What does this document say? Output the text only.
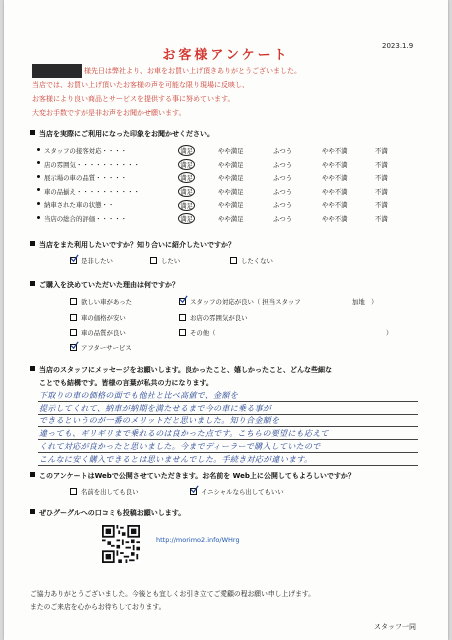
お客様アンケート
2023.1.9
様先日は弊社より、お車をお買い上げ頂きありがとうございました。
当店では、お買い上げ頂いたお客様の声を可能な限り現場に反映し、
お客様により良い商品とサービスを提供する事に努めています。
大変お手数ですが是非お声をお聞かせ願います。
当店を実際にご利用になった印象をお聞かせください。
スタッフの接客対応・・・・	満足	やや満足	ふつう	やや不満	不満
店の雰囲気・・・・・・・・・・	満足	やや満足	ふつう	やや不満	不満
展示場の車の品質・・・・・	満足	やや満足	ふつう	やや不満	不満
車の品揃え・・・・・・・・・・	満足	やや満足	ふつう	やや不満	不満
納車された車の状態・・	満足	やや満足	ふつう	やや不満	不満
当店の総合的評価・・・・・	満足	やや満足	ふつう	やや不満	不満
当店をまた利用したいですか？知り合いに紹介したいですか？
是非したい	したい	したくない
ご購入を決めていただいた理由は何ですか？
欲しい車があった	スタッフの対応が良い（ 担当スタッフ	加地　）
車の価格が安い	お店の雰囲気が良い
車の品質が良い	その他（	）
アフターサービス
当店のスタッフにメッセージをお願いします。良かったこと、嬉しかったこと、どんな些細な
ことでも結構です。皆様の言葉が私共の力になります。
下取りの車の価格の面でも他社と比べ高値で、金額を
提示してくれて、納車が納期を満たせるまで今の車に乗る事が
できるというのが一番のメリットだと思いました。知り合金額を
違っても、ギリギリまで乗れるのは良かった点です。こちらの要望にも応えて
くれて対応が良かったと思いました。今までディーラーで購入していたので
こんなに安く購入できるとは思いませんでした。手続き対応が違います。
このアンケートはWebで公開させていただきます。お名前を Web上に公開してもよろしいですか？
名前を出しても良い	イニシャルなら出してもいい
ぜひグーグルへの口コミも投稿お願いします。
http://morimo2.info/WHrg
ご協力ありがとうございました。今後とも宜しくお引き立てご愛顧の程お願い申し上げます。
またのご来店を心からお待ちしております。
スタッフ一同
